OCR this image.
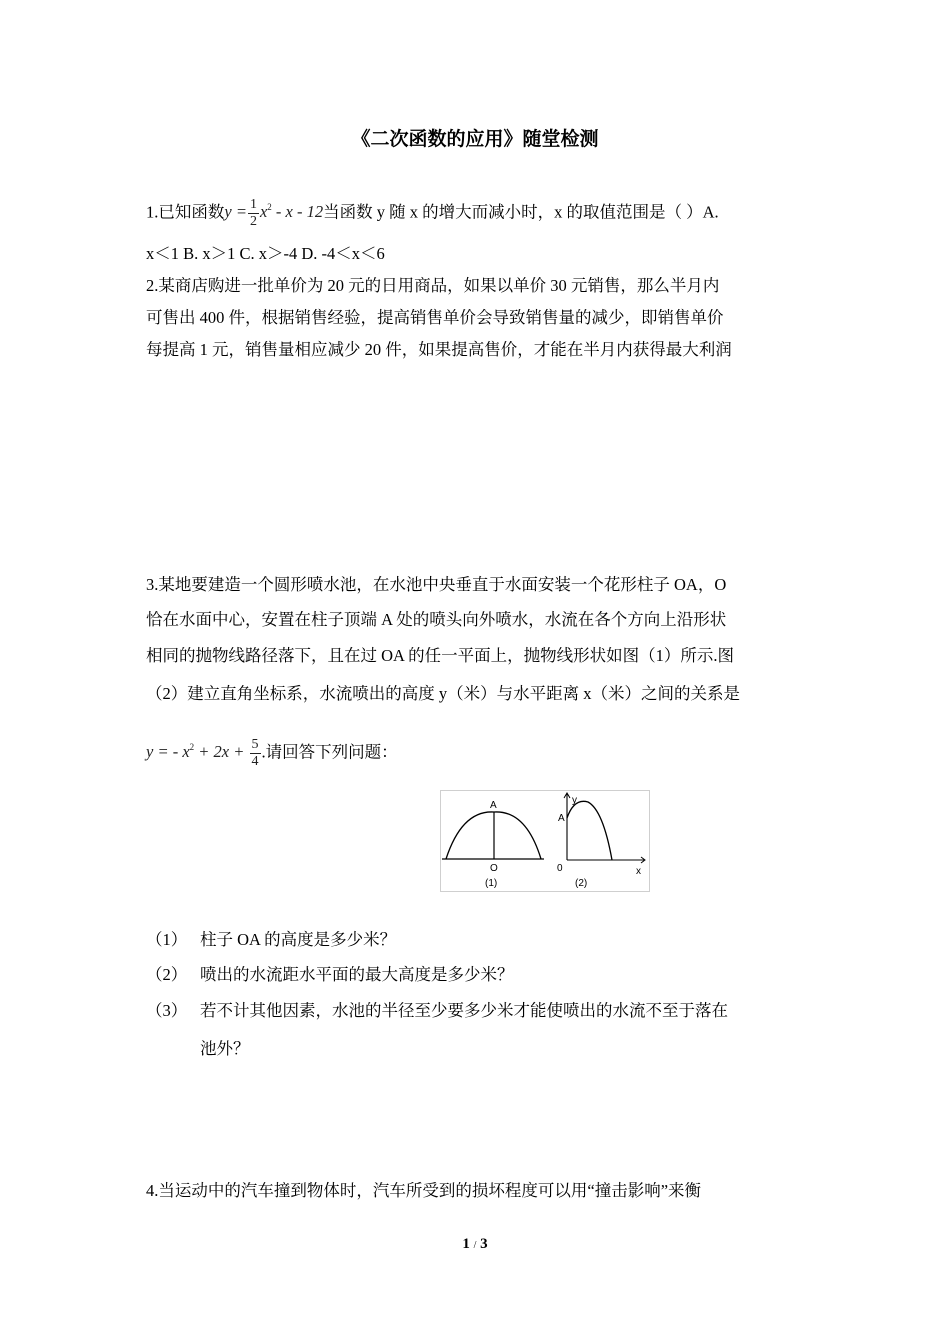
《二次函数的应用》随堂检测
1.已知函数$y = \frac{1}{2} x^2 - x - 12$当函数 y 随 x 的增大而减小时，x 的取值范围是（ ）A.
x＜1 B. x＞1 C. x＞-4 D. -4＜x＜6
2.某商店购进一批单价为 20 元的日用商品，如果以单价 30 元销售，那么半月内
可售出 400 件，根据销售经验，提高销售单价会导致销售量的减少，即销售单价
每提高 1 元，销售量相应减少 20 件，如果提高售价，才能在半月内获得最大利润
3.某地要建造一个圆形喷水池，在水池中央垂直于水面安装一个花形柱子 OA，O
恰在水面中心，安置在柱子顶端 A 处的喷头向外喷水，水流在各个方向上沿形状
相同的抛物线路径落下，且在过 OA 的任一平面上，抛物线形状如图（1）所示.图
（2）建立直角坐标系，水流喷出的高度 y（米）与水平距离 x（米）之间的关系是
y = - $x^2 + 2x + \frac{5}{4}$ .请回答下列问题：
A
O
(1)
y
A
0	x
(2)
（1） 柱子 OA 的高度是多少米？
（2） 喷出的水流距水平面的最大高度是多少米？
（3） 若不计其他因素，水池的半径至少要多少米才能使喷出的水流不至于落在
池外？
4.当运动中的汽车撞到物体时，汽车所受到的损坏程度可以用“撞击影响”来衡
1 / 3
